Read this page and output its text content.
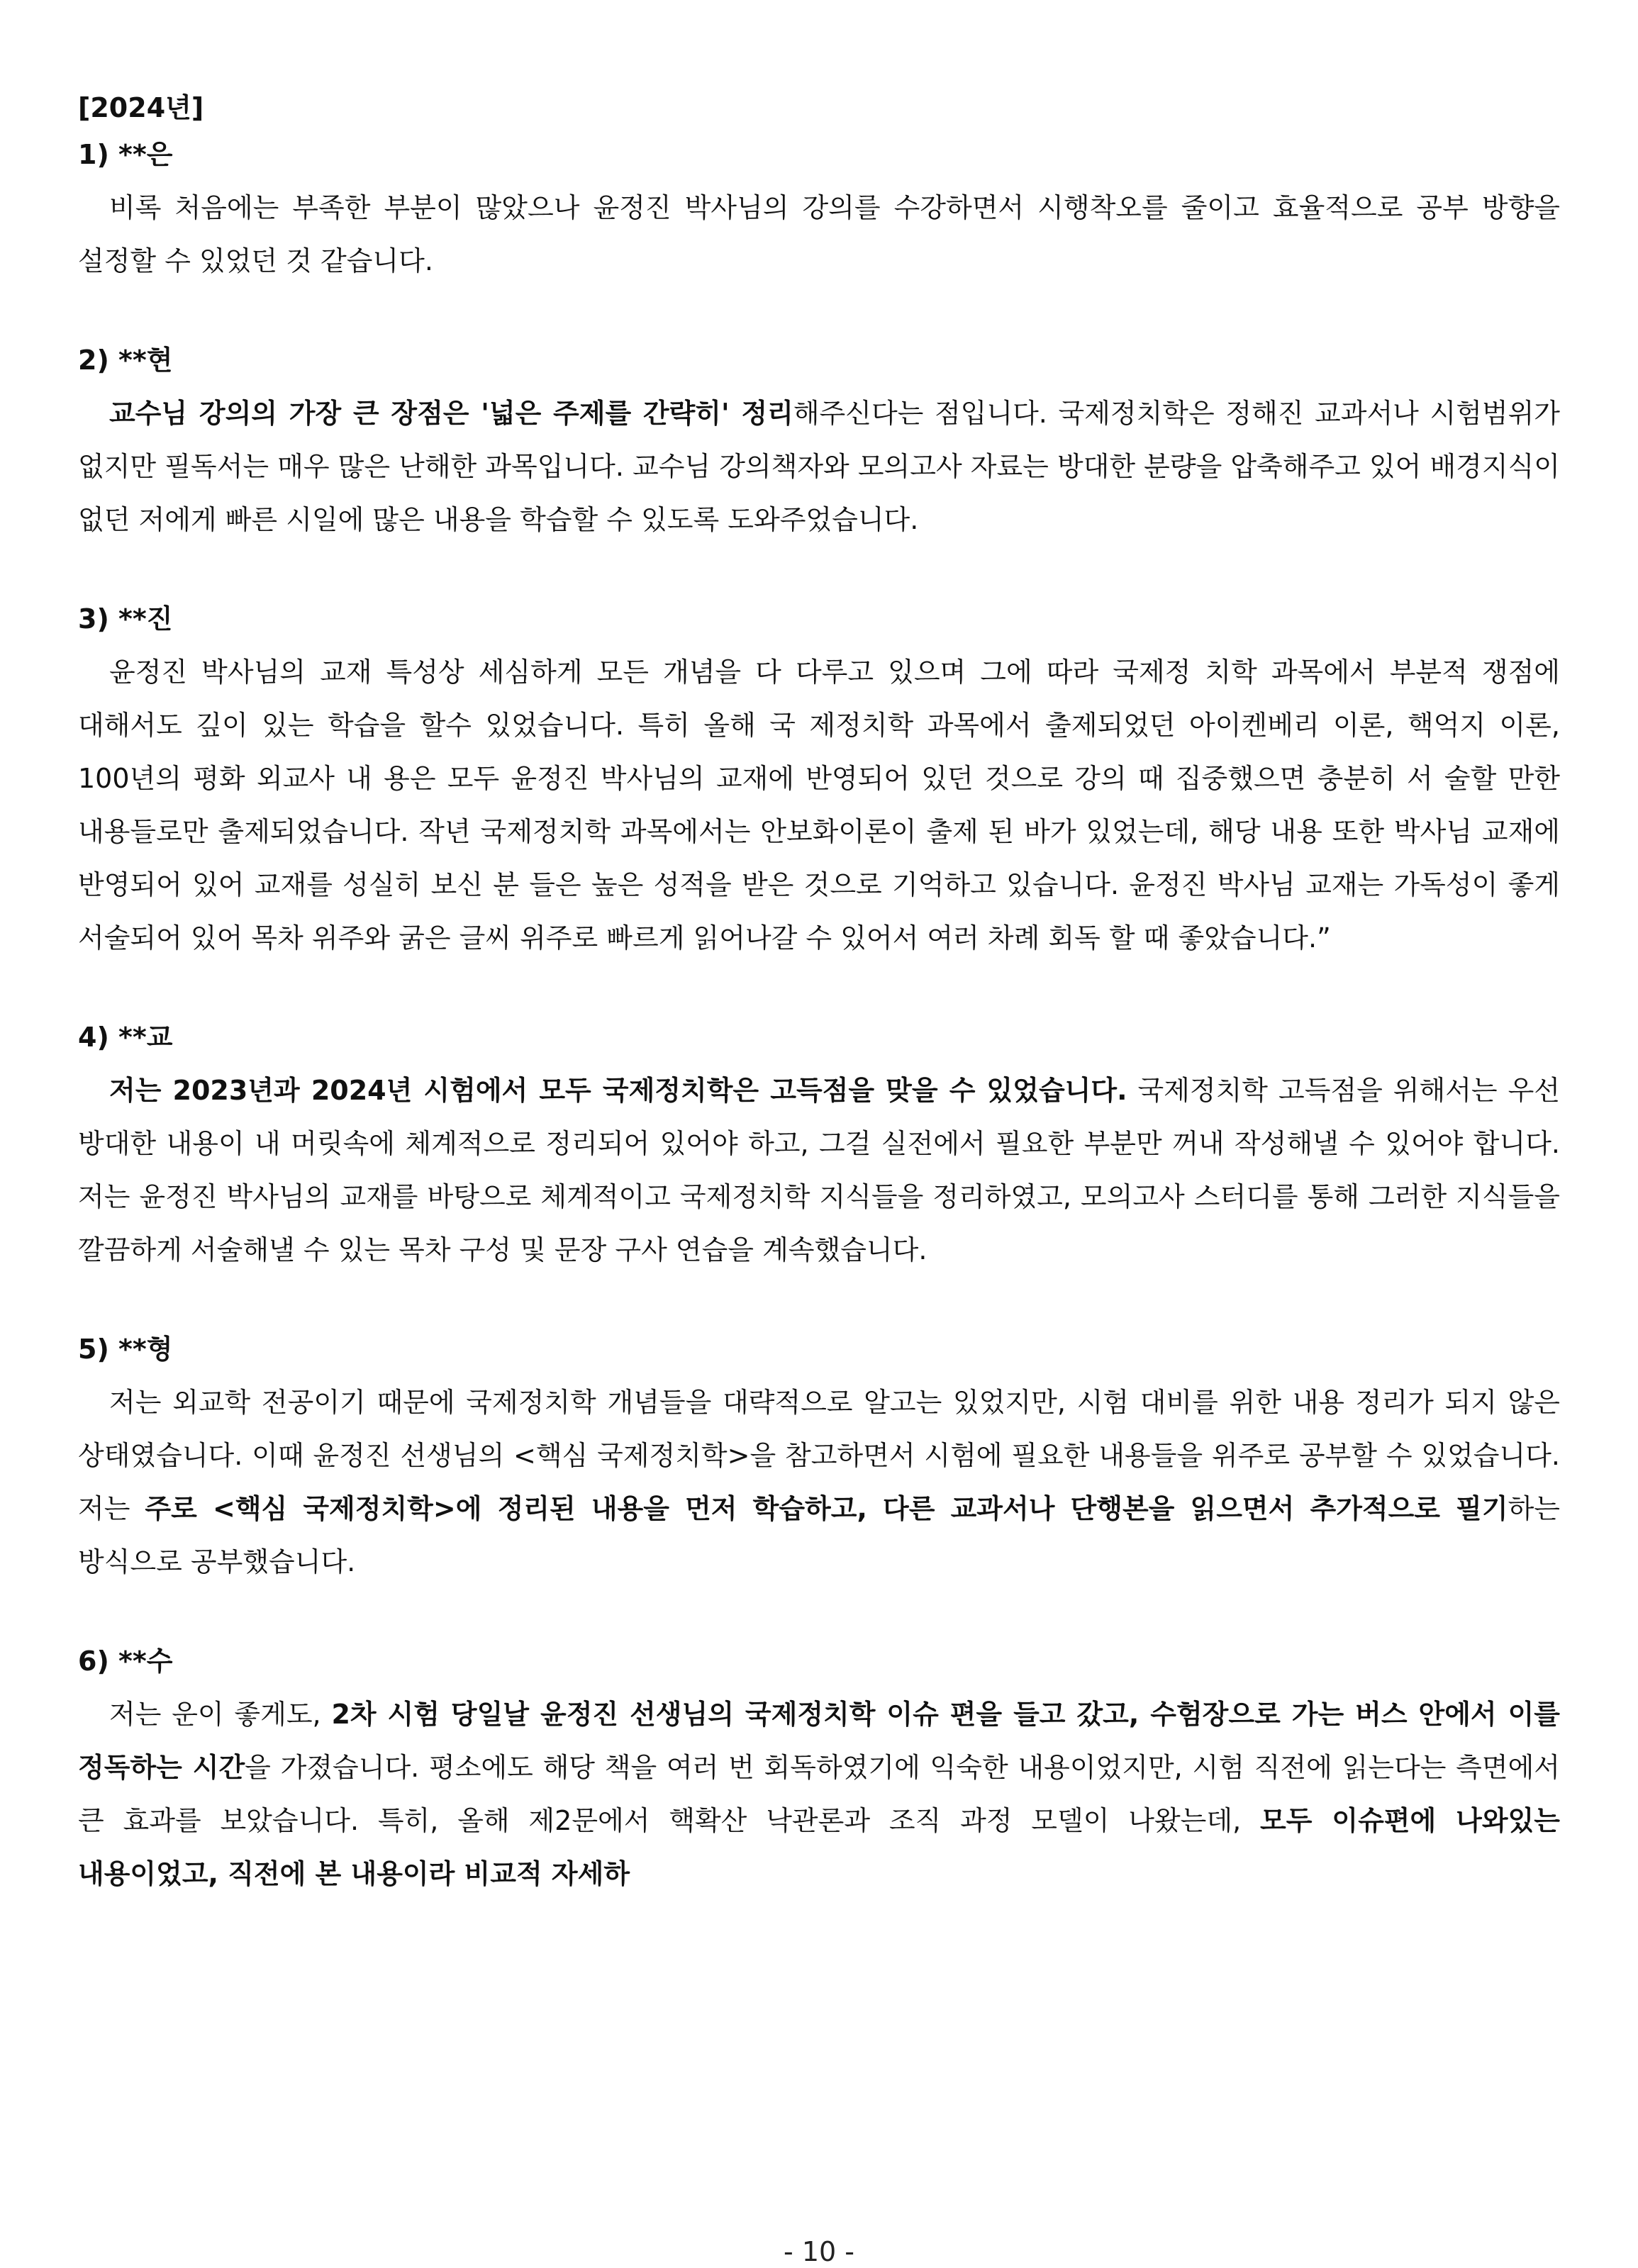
[2024년]
1) **은

비록 처음에는 부족한 부분이 많았으나 윤정진 박사님의 강의를 수강하면서 시행착오를 줄이고 효율적으로 공부 방향을 설정할 수 있었던 것 같습니다.

2) **현

교수님 강의의 가장 큰 장점은 '넓은 주제를 간략히' 정리해주신다는 점입니다. 국제정치학은 정해진 교과서나 시험범위가 없지만 필독서는 매우 많은 난해한 과목입니다. 교수님 강의책자와 모의고사 자료는 방대한 분량을 압축해주고 있어 배경지식이 없던 저에게 빠른 시일에 많은 내용을 학습할 수 있도록 도와주었습니다.

3) **진

윤정진 박사님의 교재 특성상 세심하게 모든 개념을 다 다루고 있으며 그에 따라 국제정 치학 과목에서 부분적 쟁점에 대해서도 깊이 있는 학습을 할수 있었습니다. 특히 올해 국 제정치학 과목에서 출제되었던 아이켄베리 이론, 핵억지 이론, 100년의 평화 외교사 내 용은 모두 윤정진 박사님의 교재에 반영되어 있던 것으로 강의 때 집중했으면 충분히 서 술할 만한 내용들로만 출제되었습니다. 작년 국제정치학 과목에서는 안보화이론이 출제 된 바가 있었는데, 해당 내용 또한 박사님 교재에 반영되어 있어 교재를 성실히 보신 분 들은 높은 성적을 받은 것으로 기억하고 있습니다. 윤정진 박사님 교재는 가독성이 좋게 서술되어 있어 목차 위주와 굵은 글씨 위주로 빠르게 읽어나갈 수 있어서 여러 차례 회독 할 때 좋았습니다.”

4) **교

저는 2023년과 2024년 시험에서 모두 국제정치학은 고득점을 맞을 수 있었습니다. 국제정치학 고득점을 위해서는 우선 방대한 내용이 내 머릿속에 체계적으로 정리되어 있어야 하고, 그걸 실전에서 필요한 부분만 꺼내 작성해낼 수 있어야 합니다. 저는 윤정진 박사님의 교재를 바탕으로 체계적이고 국제정치학 지식들을 정리하였고, 모의고사 스터디를 통해 그러한 지식들을 깔끔하게 서술해낼 수 있는 목차 구성 및 문장 구사 연습을 계속했습니다.

5) **형

저는 외교학 전공이기 때문에 국제정치학 개념들을 대략적으로 알고는 있었지만, 시험 대비를 위한 내용 정리가 되지 않은 상태였습니다. 이때 윤정진 선생님의 <핵심 국제정치학>을 참고하면서 시험에 필요한 내용들을 위주로 공부할 수 있었습니다. 저는 주로 <핵심 국제정치학>에 정리된 내용을 먼저 학습하고, 다른 교과서나 단행본을 읽으면서 추가적으로 필기하는 방식으로 공부했습니다.

6) **수

저는 운이 좋게도, 2차 시험 당일날 윤정진 선생님의 국제정치학 이슈 편을 들고 갔고, 수험장으로 가는 버스 안에서 이를 정독하는 시간을 가졌습니다. 평소에도 해당 책을 여러 번 회독하였기에 익숙한 내용이었지만, 시험 직전에 읽는다는 측면에서 큰 효과를 보았습니다. 특히, 올해 제2문에서 핵확산 낙관론과 조직 과정 모델이 나왔는데, 모두 이슈편에 나와있는 내용이었고, 직전에 본 내용이라 비교적 자세하

- 10 -
